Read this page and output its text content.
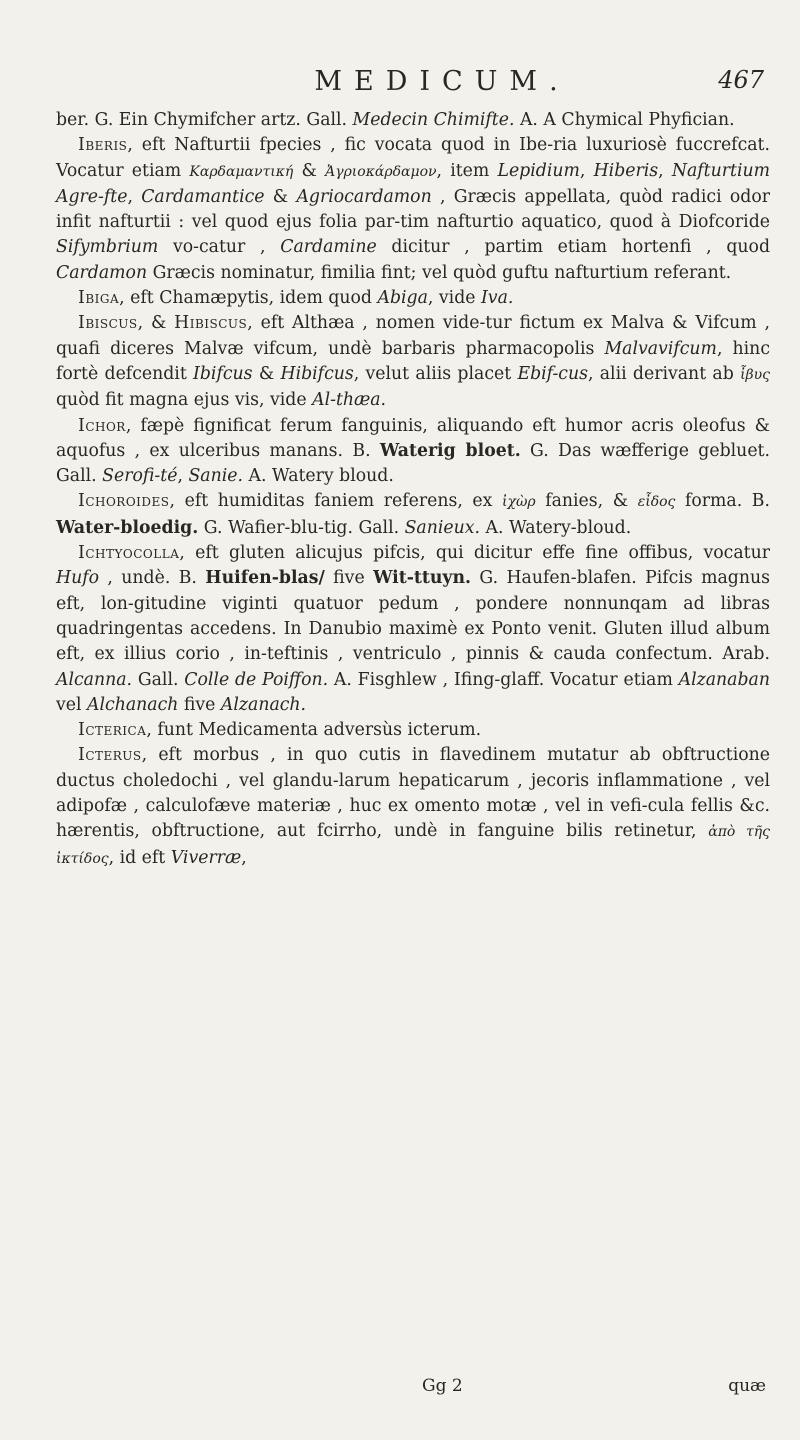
MEDICUM.	467

ber. G. Ein Chymifcher artz. Gall. Medecin Chimifte. A. A Chymical Phyfician.

Iberis, eft Nafturtii fpecies , fic vocata quod in Ibe-ria luxuriosè fuccrefcat. Vocatur etiam Καρδαμαντική & Ἀγριοκάρδαμον, item Lepidium, Hiberis, Nafturtium Agre-fte, Cardamantice & Agriocardamon , Græcis appellata, quòd radici odor infit nafturtii : vel quod ejus folia par-tim nafturtio aquatico, quod à Diofcoride Sifymbrium vo-catur , Cardamine dicitur , partim etiam hortenfi , quod Cardamon Græcis nominatur, fimilia fint; vel quòd guftu nafturtium referant.

Ibiga, eft Chamæpytis, idem quod Abiga, vide Iva.

Ibiscus, & Hibiscus, eft Althæa , nomen vide-tur fictum ex Malva & Vifcum , quafi diceres Malvæ vifcum, undè barbaris pharmacopolis Malvavifcum, hinc fortè defcendit Ibifcus & Hibifcus, velut aliis placet Ebif-cus, alii derivant ab ἶβυς quòd fit magna ejus vis, vide Al-thæa.

Ichor, fæpè fignificat ferum fanguinis, aliquando eft humor acris oleofus & aquofus , ex ulceribus manans. B. Waterig bloet. G. Das wæfferige gebluet. Gall. Serofi-té, Sanie. A. Watery bloud.

Ichoroides, eft humiditas faniem referens, ex ἰχὼρ fanies, & εἶδος forma. B. Water-bloedig. G. Wafier-blu-tig. Gall. Sanieux. A. Watery-bloud.

Ichtyocolla, eft gluten alicujus pifcis, qui dicitur effe fine offibus, vocatur Hufo , undè. B. Huifen-blas/ five Wit-ttuyn. G. Haufen-blafen. Pifcis magnus eft, lon-gitudine viginti quatuor pedum , pondere nonnunqam ad libras quadringentas accedens. In Danubio maximè ex Ponto venit. Gluten illud album eft, ex illius corio , in-teftinis , ventriculo , pinnis & cauda confectum. Arab. Alcanna. Gall. Colle de Poiffon. A. Fisghlew , Ifing-glaff. Vocatur etiam Alzanaban vel Alchanach five Alzanach.

Icterica, funt Medicamenta adversùs icterum.

Icterus, eft morbus , in quo cutis in flavedinem mutatur ab obftructione ductus choledochi , vel glandu-larum hepaticarum , jecoris inflammatione , vel adipofæ , calculofæve materiæ , huc ex omento motæ , vel in vefi-cula fellis &c. hærentis, obftructione, aut fcirrho, undè in fanguine bilis retinetur, ἀπὸ τῆς ἰκτίδος, id eft Viverræ,

Gg 2	quæ
